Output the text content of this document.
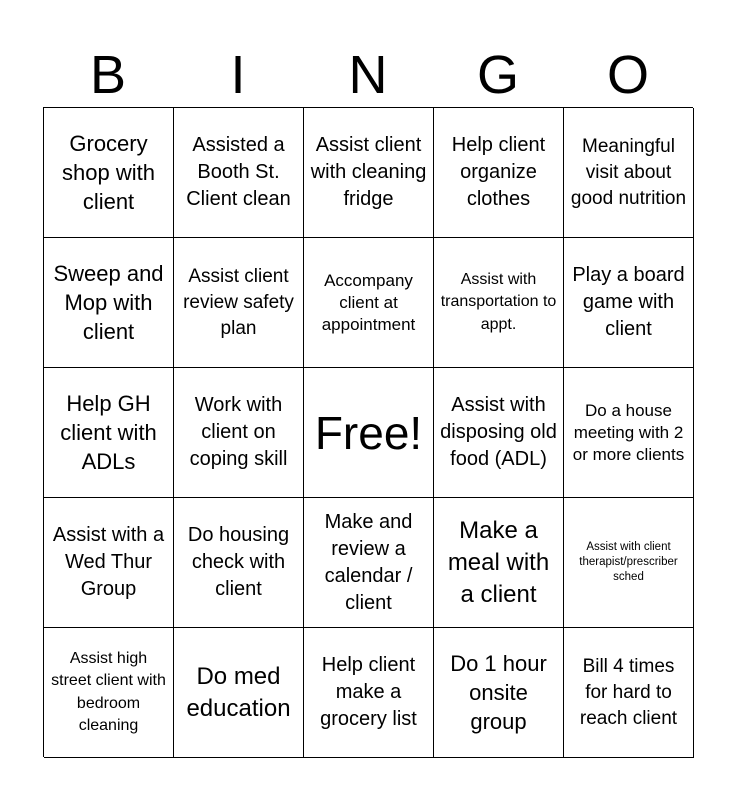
B	I	N	G	O
Grocery shop with client
Assisted a Booth St. Client clean
Assist client with cleaning fridge
Help client organize clothes
Meaningful visit about good nutrition
Sweep and Mop with client
Assist client review safety plan
Accompany client at appointment
Assist with transportation to appt.
Play a board game with client
Help GH client with ADLs
Work with client on coping skill
Free!
Assist with disposing old food (ADL)
Do a house meeting with 2 or more clients
Assist with a Wed Thur Group
Do housing check with client
Make and review a calendar / client
Make a meal with a client
Assist with client therapist/prescriber sched
Assist high street client with bedroom cleaning
Do med education
Help client make a grocery list
Do 1 hour onsite group
Bill 4 times for hard to reach client
